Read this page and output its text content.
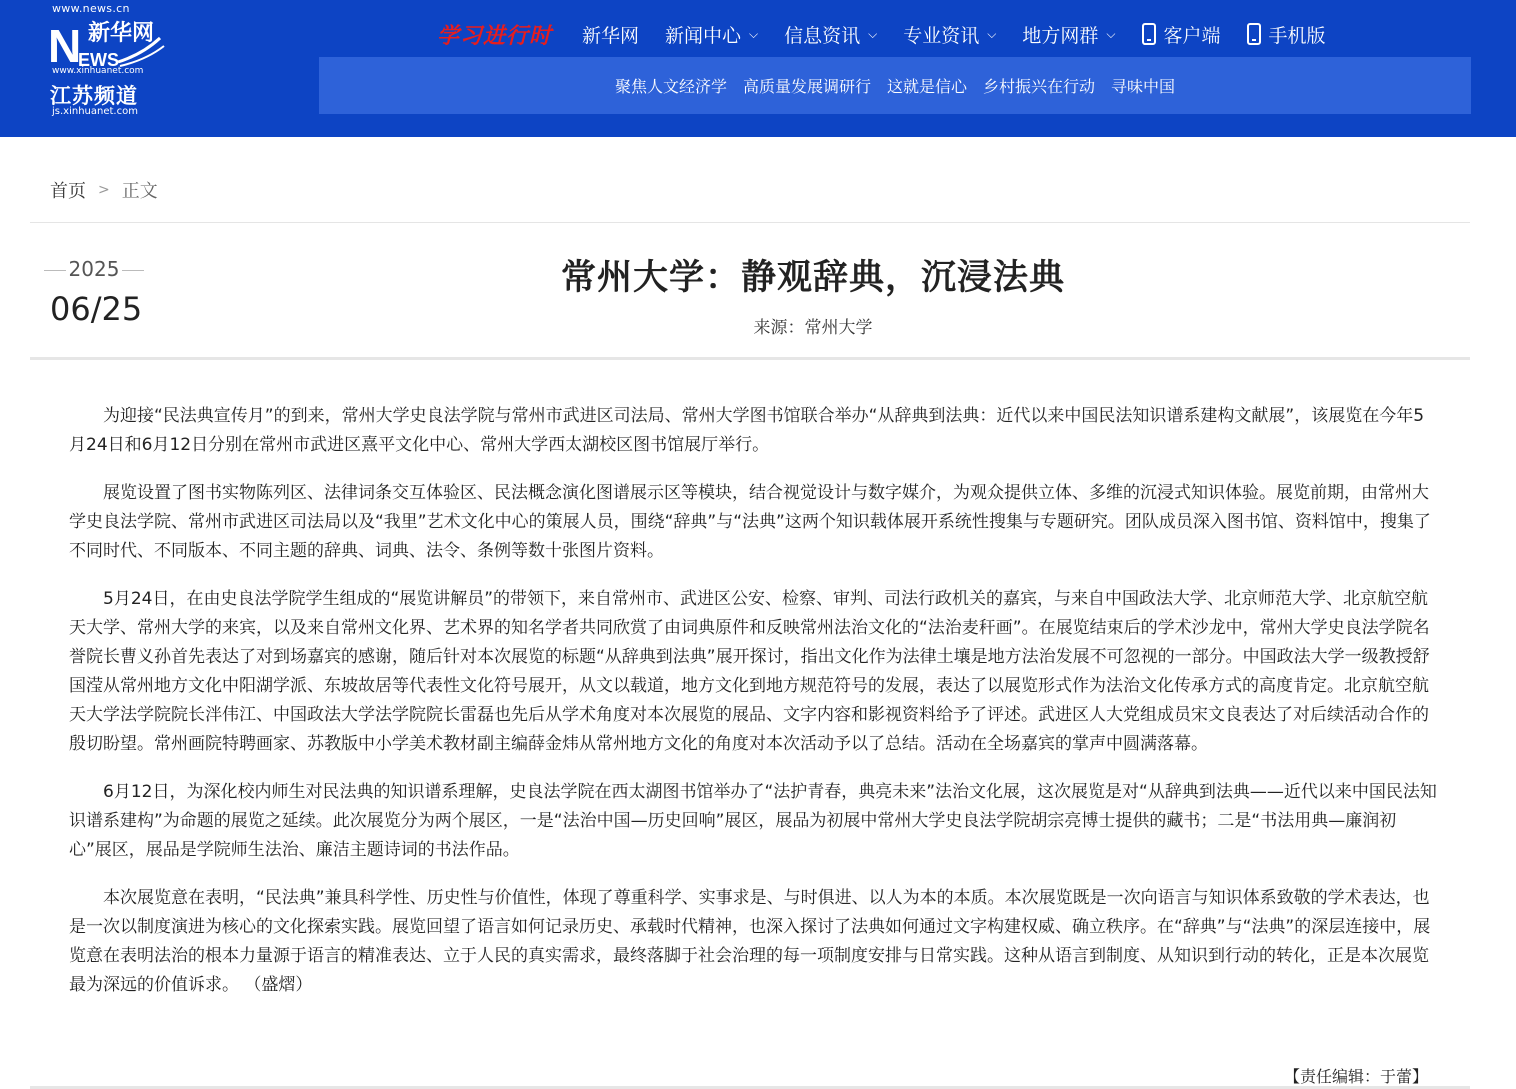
www.news.cn
N
EWS
新华网
www.xinhuanet.com
江苏频道
js.xinhuanet.com
学习进行时 新华网 新闻中心 ⌵ 信息资讯 ⌵ 专业资讯 ⌵ 地方网群 ⌵	客户端	手机版
聚焦人文经济学 高质量发展调研行 这就是信心 乡村振兴在行动 寻味中国
首页 > 正文
2025
06/25
常州大学：静观辞典，沉浸法典
来源：常州大学

为迎接“民法典宣传月”的到来，常州大学史良法学院与常州市武进区司法局、常州大学图书馆联合举办“从辞典到法典：近代以来中国民法知识谱系建构文献展”，该展览在今年5月24日和6月12日分别在常州市武进区熹平文化中心、常州大学西太湖校区图书馆展厅举行。

展览设置了图书实物陈列区、法律词条交互体验区、民法概念演化图谱展示区等模块，结合视觉设计与数字媒介，为观众提供立体、多维的沉浸式知识体验。展览前期，由常州大学史良法学院、常州市武进区司法局以及“我里”艺术文化中心的策展人员，围绕“辞典”与“法典”这两个知识载体展开系统性搜集与专题研究。团队成员深入图书馆、资料馆中，搜集了不同时代、不同版本、不同主题的辞典、词典、法令、条例等数十张图片资料。

5月24日，在由史良法学院学生组成的“展览讲解员”的带领下，来自常州市、武进区公安、检察、审判、司法行政机关的嘉宾，与来自中国政法大学、北京师范大学、北京航空航天大学、常州大学的来宾，以及来自常州文化界、艺术界的知名学者共同欣赏了由词典原件和反映常州法治文化的“法治麦秆画”。在展览结束后的学术沙龙中，常州大学史良法学院名誉院长曹义孙首先表达了对到场嘉宾的感谢，随后针对本次展览的标题“从辞典到法典”展开探讨，指出文化作为法律土壤是地方法治发展不可忽视的一部分。中国政法大学一级教授舒国滢从常州地方文化中阳湖学派、东坡故居等代表性文化符号展开，从文以载道，地方文化到地方规范符号的发展，表达了以展览形式作为法治文化传承方式的高度肯定。北京航空航天大学法学院院长泮伟江、中国政法大学法学院院长雷磊也先后从学术角度对本次展览的展品、文字内容和影视资料给予了评述。武进区人大党组成员宋文良表达了对后续活动合作的殷切盼望。常州画院特聘画家、苏教版中小学美术教材副主编薛金炜从常州地方文化的角度对本次活动予以了总结。活动在全场嘉宾的掌声中圆满落幕。

6月12日，为深化校内师生对民法典的知识谱系理解，史良法学院在西太湖图书馆举办了“法护青春，典亮未来”法治文化展，这次展览是对“从辞典到法典——近代以来中国民法知识谱系建构”为命题的展览之延续。此次展览分为两个展区，一是“法治中国—历史回响”展区，展品为初展中常州大学史良法学院胡宗亮博士提供的藏书；二是“书法用典—廉润初心”展区，展品是学院师生法治、廉洁主题诗词的书法作品。

本次展览意在表明，“民法典”兼具科学性、历史性与价值性，体现了尊重科学、实事求是、与时俱进、以人为本的本质。本次展览既是一次向语言与知识体系致敬的学术表达，也是一次以制度演进为核心的文化探索实践。展览回望了语言如何记录历史、承载时代精神，也深入探讨了法典如何通过文字构建权威、确立秩序。在“辞典”与“法典”的深层连接中，展览意在表明法治的根本力量源于语言的精准表达、立于人民的真实需求，最终落脚于社会治理的每一项制度安排与日常实践。这种从语言到制度、从知识到行动的转化，正是本次展览最为深远的价值诉求。 （盛熠）

【责任编辑：于蕾】
